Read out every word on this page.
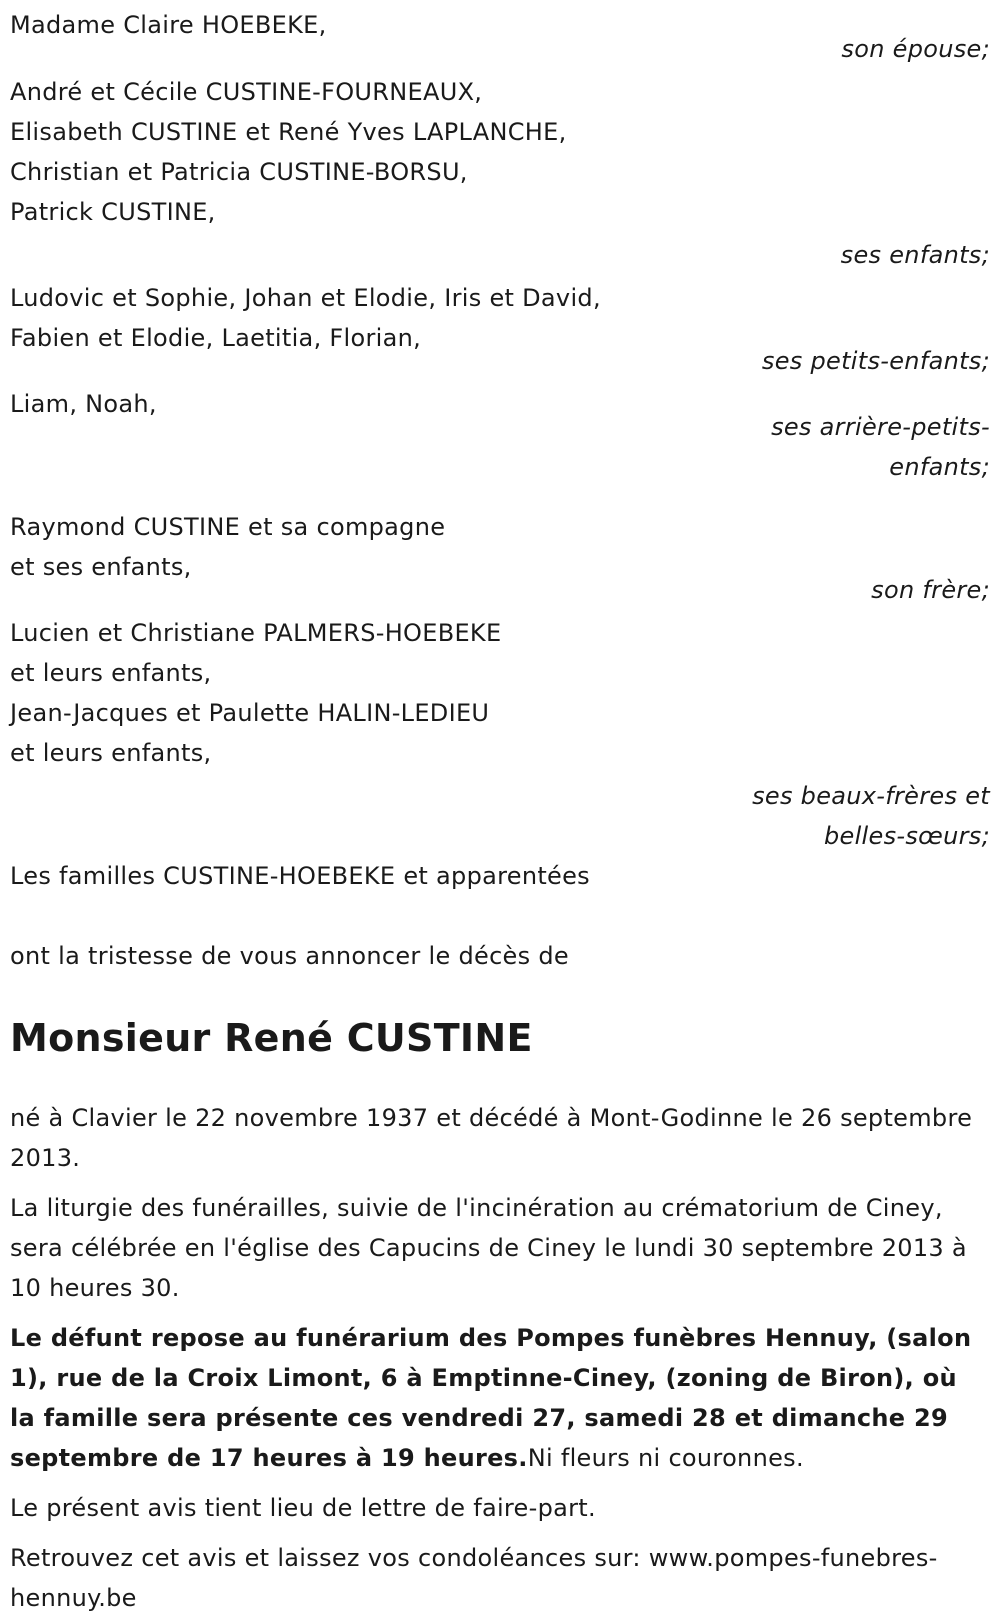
Madame Claire HOEBEKE,
son épouse;
André et Cécile CUSTINE-FOURNEAUX,
Elisabeth CUSTINE et René Yves LAPLANCHE,
Christian et Patricia CUSTINE-BORSU,
Patrick CUSTINE,
ses enfants;
Ludovic et Sophie, Johan et Elodie, Iris et David,
Fabien et Elodie, Laetitia, Florian,
ses petits-enfants;
Liam, Noah,
ses arrière-petits-
enfants;
Raymond CUSTINE et sa compagne
et ses enfants,
son frère;
Lucien et Christiane PALMERS-HOEBEKE
et leurs enfants,
Jean-Jacques et Paulette HALIN-LEDIEU
et leurs enfants,
ses beaux-frères et
belles-sœurs;
Les familles CUSTINE-HOEBEKE et apparentées
ont la tristesse de vous annoncer le décès de
Monsieur René CUSTINE
né à Clavier le 22 novembre 1937 et décédé à Mont-Godinne le 26 septembre 2013.
La liturgie des funérailles, suivie de l'incinération au crématorium de Ciney, sera célébrée en l'église des Capucins de Ciney le lundi 30 septembre 2013 à 10 heures 30.
Le défunt repose au funérarium des Pompes funèbres Hennuy, (salon 1), rue de la Croix Limont, 6 à Emptinne-Ciney, (zoning de Biron), où la famille sera présente ces vendredi 27, samedi 28 et dimanche 29 septembre de 17 heures à 19 heures.Ni fleurs ni couronnes.
Le présent avis tient lieu de lettre de faire-part.
Retrouvez cet avis et laissez vos condoléances sur: www.pompes-funebres-hennuy.be
